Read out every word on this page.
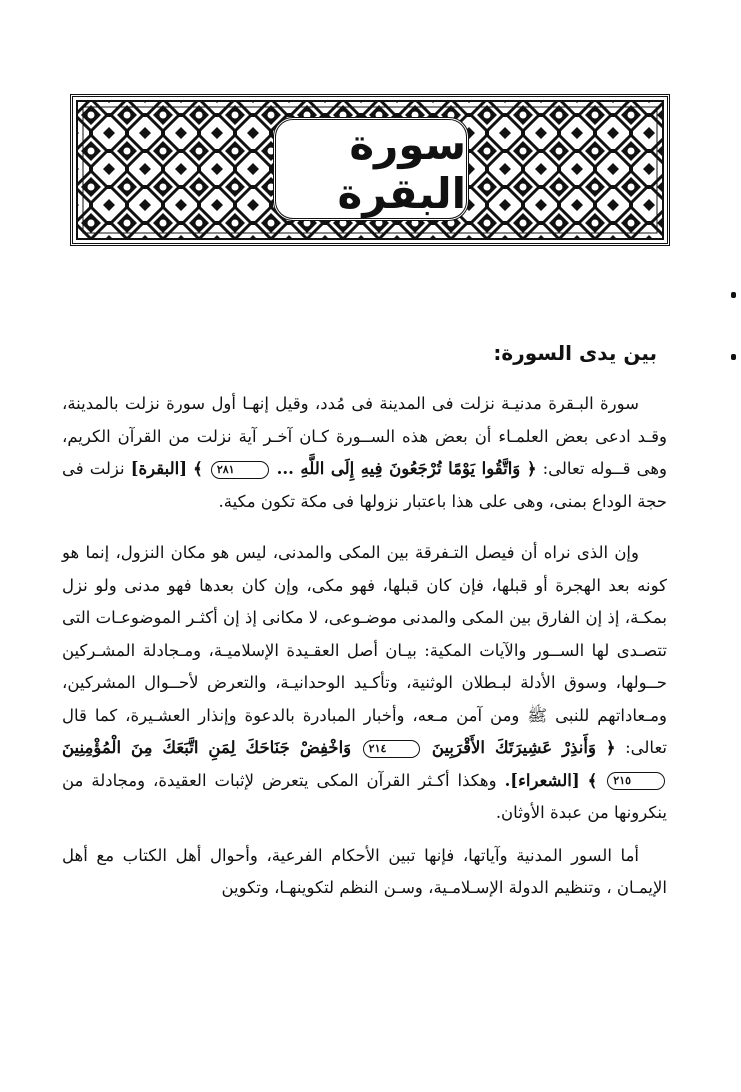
سورة البقرة
بين يدى السورة:

سورة البـقرة مدنيـة نزلت فى المدينة فى مُدد، وقيل إنهـا أول سورة نزلت بالمدينة، وقـد ادعى بعض العلمـاء أن بعض هذه الســورة كـان آخـر آية نزلت من القرآن الكريم، وهى قــوله تعالى: ﴿ وَاتَّقُوا يَوْمًا تُرْجَعُونَ فِيهِ إِلَى اللَّهِ ... ٢٨١ ﴾ [البقرة] نزلت فى حجة الوداع بمنى، وهى على هذا باعتبار نزولها فى مكة تكون مكية.

وإن الذى نراه أن فيصل التـفرقة بين المكى والمدنى، ليس هو مكان النزول، إنما هو كونه بعد الهجرة أو قبلها، فإن كان قبلها، فهو مكى، وإن كان بعدها فهو مدنى ولو نزل بمكـة، إذ إن الفارق بين المكى والمدنى موضـوعى، لا مكانى إذ إن أكثـر الموضوعـات التى تتصـدى لها الســور والآيات المكية: بيـان أصل العقـيدة الإسلاميـة، ومـجادلة المشـركين حــولها، وسوق الأدلة لبـطلان الوثنية، وتأكـيد الوحدانيـة، والتعرض لأحــوال المشركين، ومـعاداتهم للنبى ﷺ ومن آمن مـعه، وأخبار المبادرة بالدعوة وإنذار العشـيرة، كما قال تعالى: ﴿ وَأَنذِرْ عَشِيرَتَكَ الأَقْرَبِينَ ٢١٤ وَاخْفِضْ جَنَاحَكَ لِمَنِ اتَّبَعَكَ مِنَ الْمُؤْمِنِينَ ٢١٥ ﴾ [الشعراء]. وهكذا أكـثر القرآن المكى يتعرض لإثبات العقيدة، ومجادلة من ينكرونها من عبدة الأوثان.

أما السور المدنية وآياتها، فإنها تبين الأحكام الفرعية، وأحوال أهل الكتاب مع أهل الإيمـان ، وتنظيم الدولة الإسـلامـية، وسـن النظم لتكوينهـا، وتكوين
